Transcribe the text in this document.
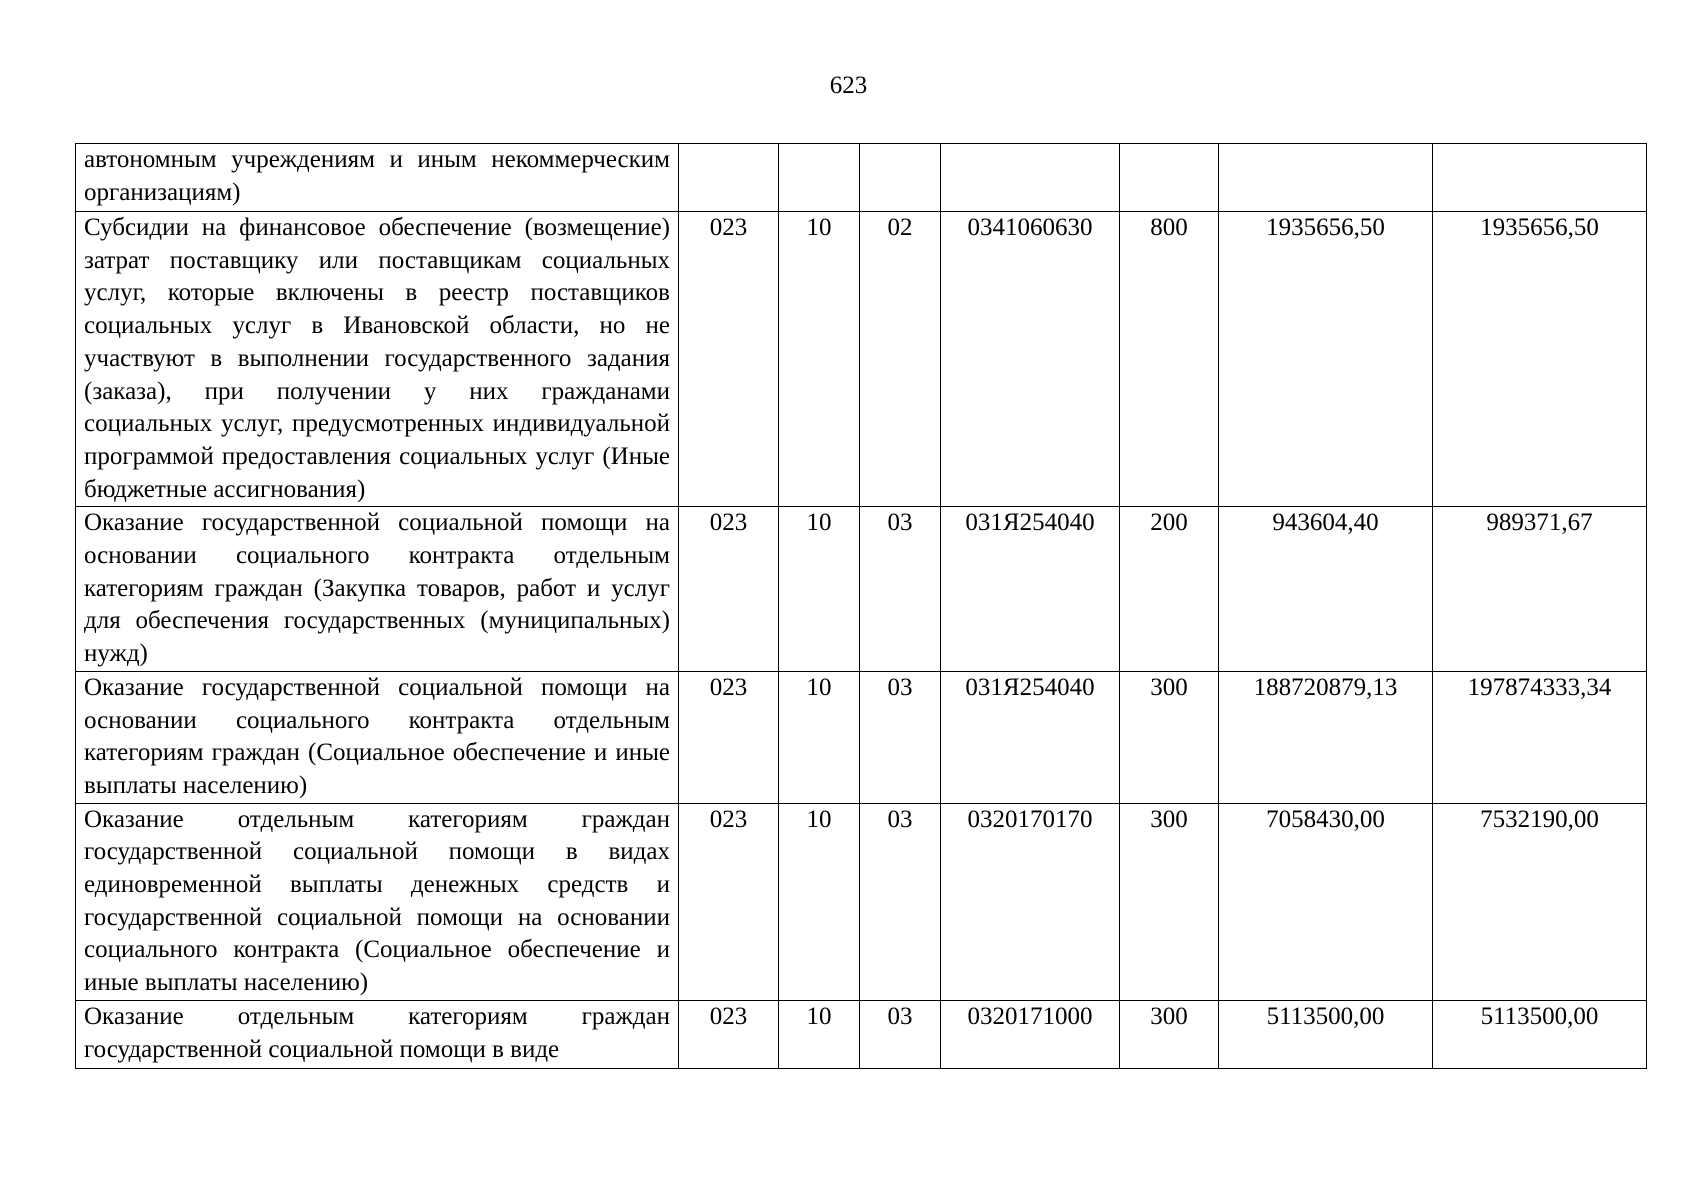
623
автономным учреждениям и иным некоммерческим организациям)							

Субсидии на финансовое обеспечение (возмещение) затрат поставщику или поставщикам социальных услуг, которые включены в реестр поставщиков социальных услуг в Ивановской области, но не участвуют в выполнении государственного задания (заказа), при получении у них гражданами социальных услуг, предусмотренных индивидуальной программой предоставления социальных услуг (Иные бюджетные ассигнования)	023	10	02	0341060630	800	1935656,50	1935656,50

Оказание государственной социальной помощи на основании социального контракта отдельным категориям граждан (Закупка товаров, работ и услуг для обеспечения государственных (муниципальных) нужд)	023	10	03	031Я254040	200	943604,40	989371,67

Оказание государственной социальной помощи на основании социального контракта отдельным категориям граждан (Социальное обеспечение и иные выплаты населению)	023	10	03	031Я254040	300	188720879,13	197874333,34

Оказание отдельным категориям граждан государственной социальной помощи в видах единовременной выплаты денежных средств и государственной социальной помощи на основании социального контракта (Социальное обеспечение и иные выплаты населению)	023	10	03	0320170170	300	7058430,00	7532190,00

Оказание отдельным категориям граждан государственной социальной помощи в виде	023	10	03	0320171000	300	5113500,00	5113500,00
